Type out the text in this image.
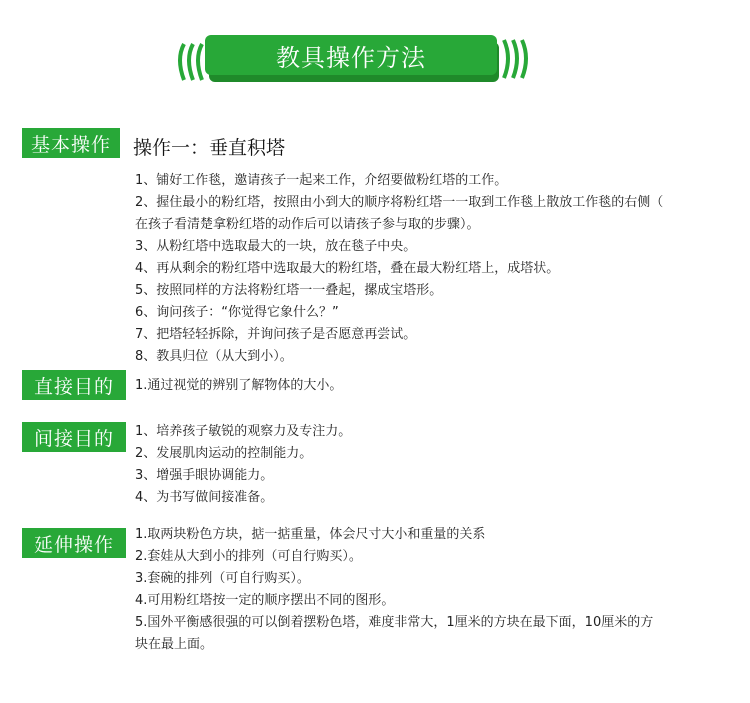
教具操作方法
基本操作	操作一：垂直积塔
1、铺好工作毯，邀请孩子一起来工作，介绍要做粉红塔的工作。
2、握住最小的粉红塔，按照由小到大的顺序将粉红塔一一取到工作毯上散放工作毯的右侧（
在孩子看清楚拿粉红塔的动作后可以请孩子参与取的步骤）。
3、从粉红塔中选取最大的一块，放在毯子中央。
4、再从剩余的粉红塔中选取最大的粉红塔，叠在最大粉红塔上，成塔状。
5、按照同样的方法将粉红塔一一叠起，摞成宝塔形。
6、询问孩子：“你觉得它象什么？”
7、把塔轻轻拆除，并询问孩子是否愿意再尝试。
8、教具归位（从大到小）。
直接目的	1.通过视觉的辨别了解物体的大小。
间接目的	1、培养孩子敏锐的观察力及专注力。
2、发展肌肉运动的控制能力。
3、增强手眼协调能力。
4、为书写做间接准备。
延伸操作	1.取两块粉色方块，掂一掂重量，体会尺寸大小和重量的关系
2.套娃从大到小的排列（可自行购买）。
3.套碗的排列（可自行购买）。
4.可用粉红塔按一定的顺序摆出不同的图形。
5.国外平衡感很强的可以倒着摆粉色塔，难度非常大，1厘米的方块在最下面，10厘米的方
块在最上面。
